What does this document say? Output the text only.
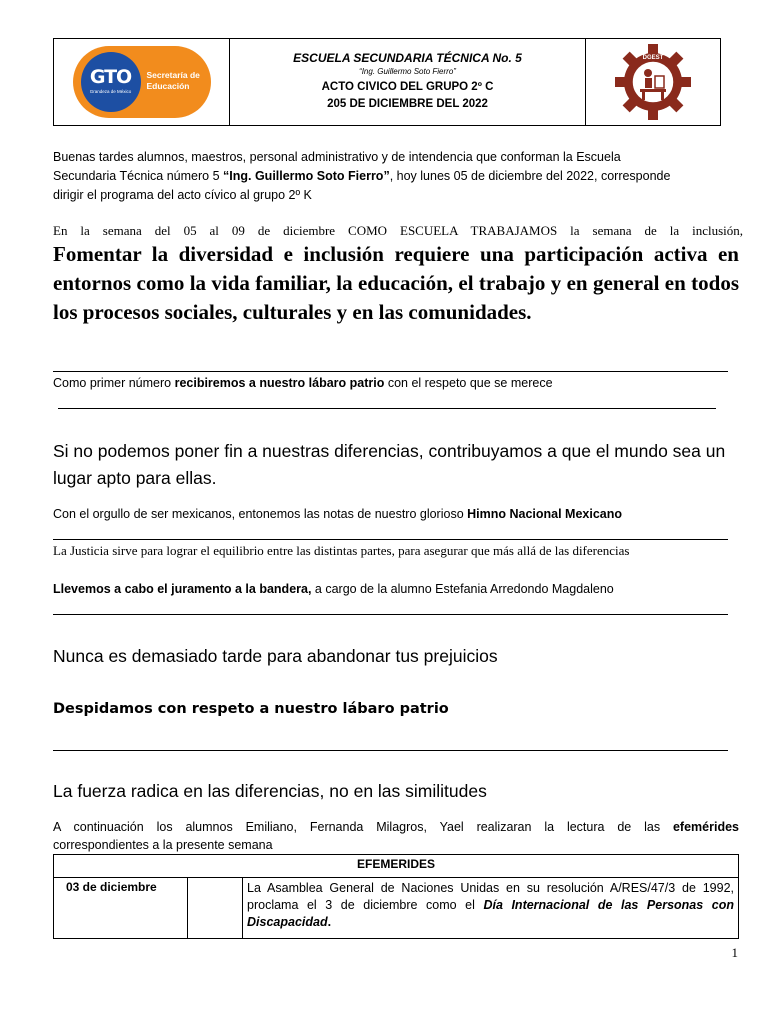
GTO
Grandeza de México
Secretaría de
Educación
ESCUELA SECUNDARIA TÉCNICA No. 5
“Ing. Guillermo Soto Fierro”
ACTO CIVICO DEL GRUPO 2º C
205 DE DICIEMBRE DEL 2022
DGEST
Buenas tardes alumnos, maestros, personal administrativo y de intendencia que conforman la Escuela
Secundaria Técnica número 5 “Ing. Guillermo Soto Fierro”, hoy lunes 05 de diciembre del 2022, corresponde
dirigir el programa del acto cívico al grupo 2º K
En la semana del 05 al 09 de diciembre COMO ESCUELA TRABAJAMOS la semana de la inclusión,
Fomentar la diversidad e inclusión requiere una participación activa en entornos como la vida familiar, la educación, el trabajo y en general en todos los procesos sociales, culturales y en las comunidades.
Como primer número recibiremos a nuestro lábaro patrio con el respeto que se merece
Si no podemos poner fin a nuestras diferencias, contribuyamos a que el mundo sea un lugar apto para ellas.
Con el orgullo de ser mexicanos, entonemos las notas de nuestro glorioso Himno Nacional Mexicano
La Justicia sirve para lograr el equilibrio entre las distintas partes, para asegurar que más allá de las diferencias
Llevemos a cabo el juramento a la bandera, a cargo de la alumno Estefania Arredondo Magdaleno
Nunca es demasiado tarde para abandonar tus prejuicios
Despidamos con respeto a nuestro lábaro patrio
La fuerza radica en las diferencias, no en las similitudes
A continuación los alumnos Emiliano, Fernanda Milagros, Yael realizaran la lectura de las efemérides
correspondientes a la presente semana
EFEMERIDES
03 de diciembre		La Asamblea General de Naciones Unidas en su resolución A/RES/47/3 de 1992, proclama el 3 de diciembre como el Día Internacional de las Personas con Discapacidad.
1
